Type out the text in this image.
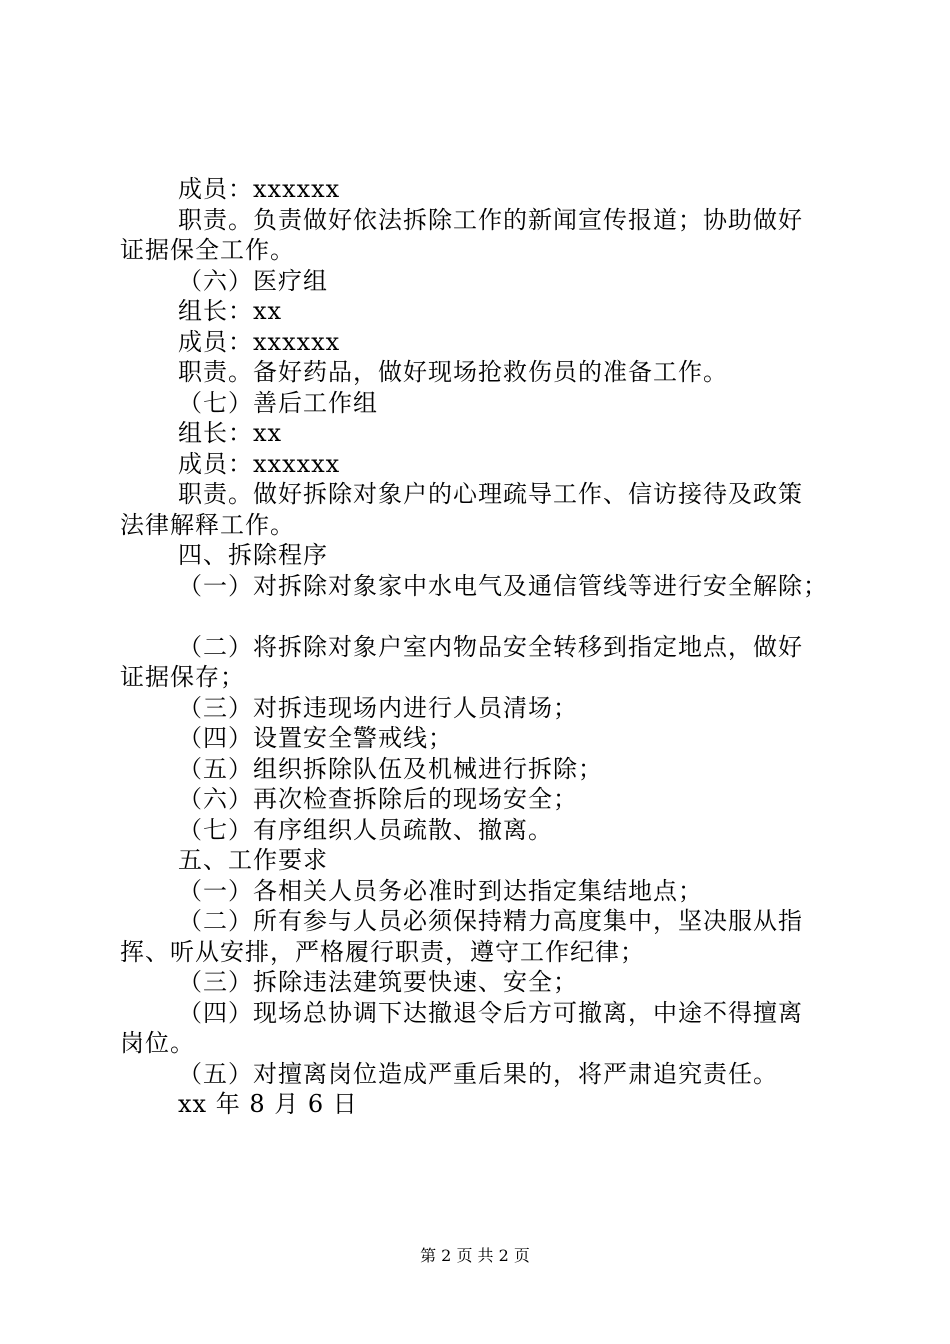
成员：xxxxxx
职责。负责做好依法拆除工作的新闻宣传报道；协助做好
证据保全工作。
（六）医疗组
组长：xx
成员：xxxxxx
职责。备好药品，做好现场抢救伤员的准备工作。
（七）善后工作组
组长：xx
成员：xxxxxx
职责。做好拆除对象户的心理疏导工作、信访接待及政策
法律解释工作。
四、拆除程序
（一）对拆除对象家中水电气及通信管线等进行安全解除；
（二）将拆除对象户室内物品安全转移到指定地点，做好
证据保存；
（三）对拆违现场内进行人员清场；
（四）设置安全警戒线；
（五）组织拆除队伍及机械进行拆除；
（六）再次检查拆除后的现场安全；
（七）有序组织人员疏散、撤离。
五、工作要求
（一）各相关人员务必准时到达指定集结地点；
（二）所有参与人员必须保持精力高度集中，坚决服从指
挥、听从安排，严格履行职责，遵守工作纪律；
（三）拆除违法建筑要快速、安全；
（四）现场总协调下达撤退令后方可撤离，中途不得擅离
岗位。
（五）对擅离岗位造成严重后果的，将严肃追究责任。
xx 年 8 月 6 日
第 2 页 共 2 页
